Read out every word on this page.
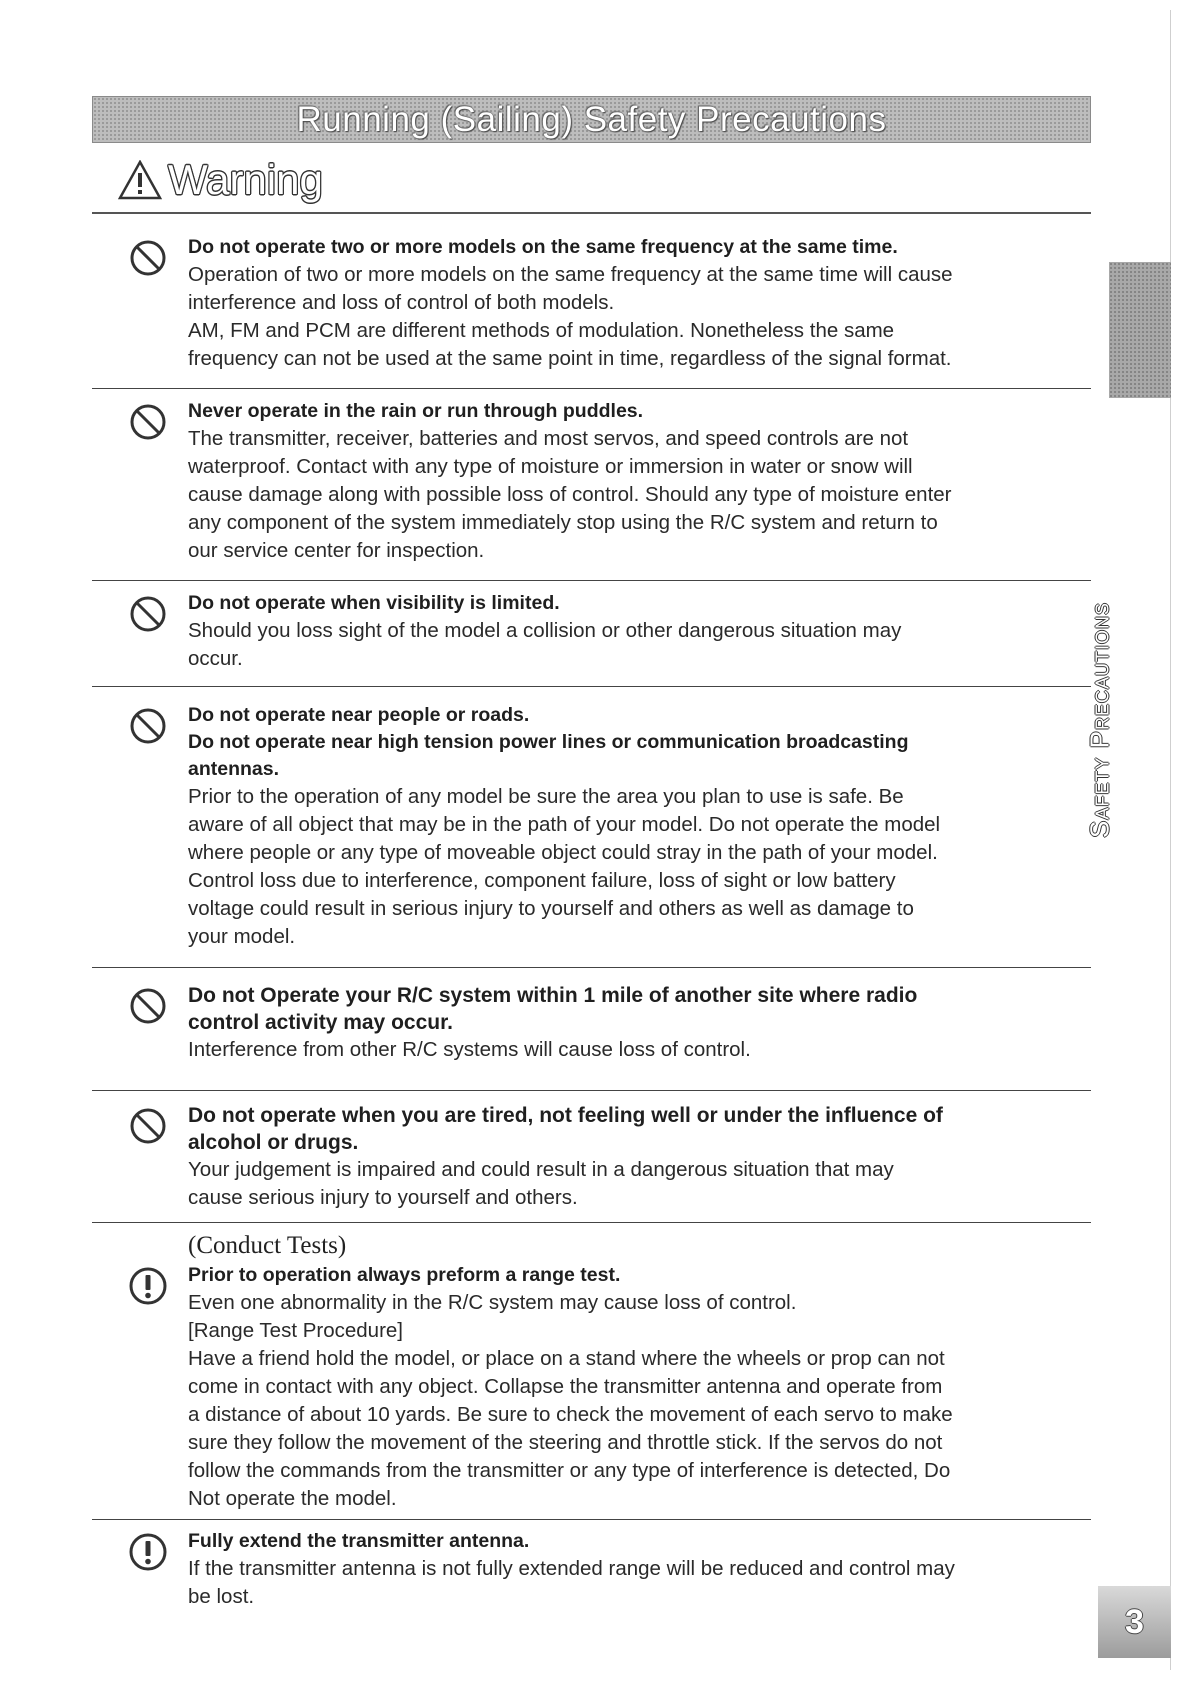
Running (Sailing) Safety Precautions
Warning
Do not operate two or more models on the same frequency at the same time.
Operation of two or more models on the same frequency at the same time will cause
interference and loss of control of both models.
AM, FM and PCM are different methods of modulation. Nonetheless the same
frequency can not be used at the same point in time, regardless of the signal format.
Never operate in the rain or run through puddles.
The transmitter, receiver, batteries and most servos, and speed controls are not
waterproof. Contact with any type of moisture or immersion in water or snow will
cause damage along with possible loss of control. Should any type of moisture enter
any component of the system immediately stop using the R/C system and return to
our service center for inspection.
Do not operate when visibility is limited.
Should you loss sight of the model a collision or other dangerous situation may
occur.
Do not operate near people or roads.
Do not operate near high tension power lines or communication broadcasting
antennas.
Prior to the operation of any model be sure the area you plan to use is safe. Be
aware of all object that may be in the path of your model. Do not operate the model
where people or any type of moveable object could stray in the path of your model.
Control loss due to interference, component failure, loss of sight or low battery
voltage could result in serious injury to yourself and others as well as damage to
your model.
Do not Operate your R/C system within 1 mile of another site where radio
control activity may occur.
Interference from other R/C systems will cause loss of control.
Do not operate when you are tired, not feeling well or under the influence of
alcohol or drugs.
Your judgement is impaired and could result in a dangerous situation that may
cause serious injury to yourself and others.
(Conduct Tests)
Prior to operation always preform a range test.
Even one abnormality in the R/C system may cause loss of control.
[Range Test Procedure]
Have a friend hold the model, or place on a stand where the wheels or prop can not
come in contact with any object. Collapse the transmitter antenna and operate from
a distance of about 10 yards. Be sure to check the movement of each servo to make
sure they follow the movement of the steering and throttle stick. If the servos do not
follow the commands from the transmitter or any type of interference is detected, Do
Not operate the model.
Fully extend the transmitter antenna.
If the transmitter antenna is not fully extended range will be reduced and control may
be lost.
Safety Precautions
3
